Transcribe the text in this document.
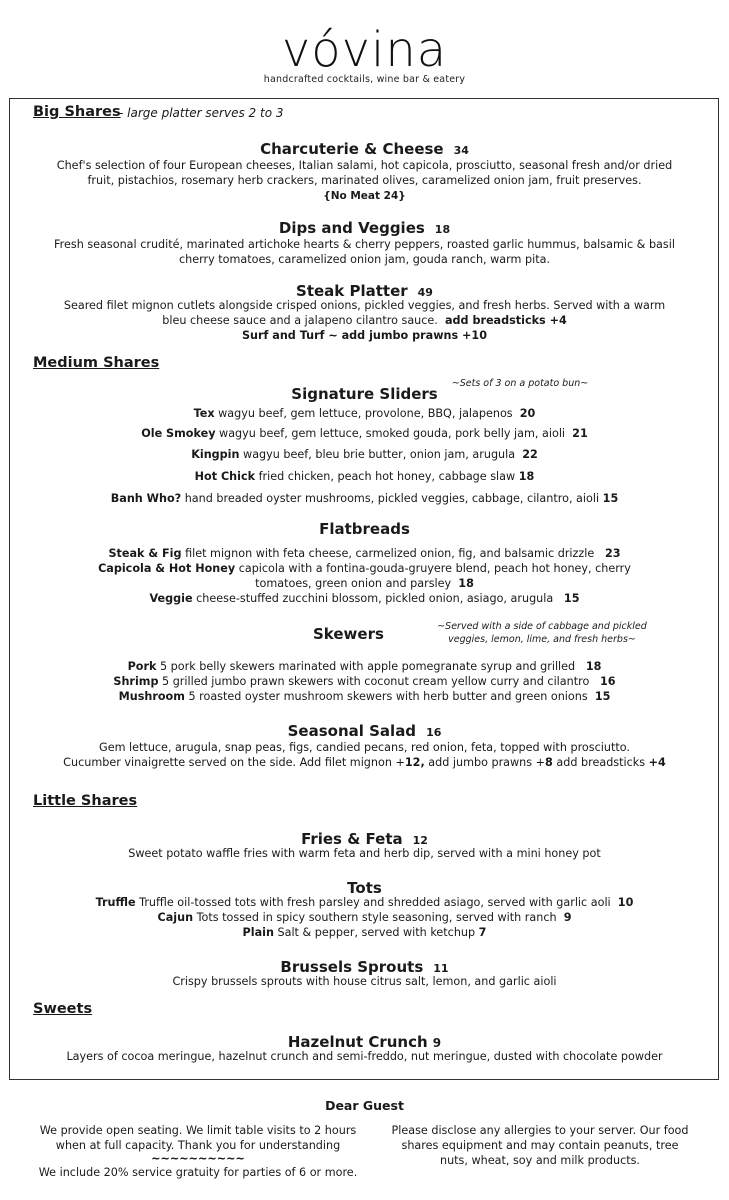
vóvina
handcrafted cocktails, wine bar & eatery
Big Shares
- large platter serves 2 to 3
Charcuterie & Cheese 34
Chef's selection of four European cheeses, Italian salami, hot capicola, prosciutto, seasonal fresh and/or dried
fruit, pistachios, rosemary herb crackers, marinated olives, caramelized onion jam, fruit preserves.
{No Meat 24}
Dips and Veggies 18
Fresh seasonal crudité, marinated artichoke hearts & cherry peppers, roasted garlic hummus, balsamic & basil
cherry tomatoes, caramelized onion jam, gouda ranch, warm pita.
Steak Platter 49
Seared filet mignon cutlets alongside crisped onions, pickled veggies, and fresh herbs. Served with a warm
bleu cheese sauce and a jalapeno cilantro sauce. add breadsticks +4
Surf and Turf ~ add jumbo prawns +10
Medium Shares
Signature Sliders
~Sets of 3 on a potato bun~
Tex wagyu beef, gem lettuce, provolone, BBQ, jalapenos 20
Ole Smokey wagyu beef, gem lettuce, smoked gouda, pork belly jam, aioli 21
Kingpin wagyu beef, bleu brie butter, onion jam, arugula 22
Hot Chick fried chicken, peach hot honey, cabbage slaw 18
Banh Who? hand breaded oyster mushrooms, pickled veggies, cabbage, cilantro, aioli 15
Flatbreads
Steak & Fig filet mignon with feta cheese, carmelized onion, fig, and balsamic drizzle 23
Capicola & Hot Honey capicola with a fontina-gouda-gruyere blend, peach hot honey, cherry
tomatoes, green onion and parsley 18
Veggie cheese-stuffed zucchini blossom, pickled onion, asiago, arugula 15
Skewers	~Served with a side of cabbage and pickled
veggies, lemon, lime, and fresh herbs~
Pork 5 pork belly skewers marinated with apple pomegranate syrup and grilled 18
Shrimp 5 grilled jumbo prawn skewers with coconut cream yellow curry and cilantro 16
Mushroom 5 roasted oyster mushroom skewers with herb butter and green onions 15
Seasonal Salad 16
Gem lettuce, arugula, snap peas, figs, candied pecans, red onion, feta, topped with prosciutto.
Cucumber vinaigrette served on the side. Add filet mignon +12, add jumbo prawns +8 add breadsticks +4
Little Shares
Fries & Feta 12
Sweet potato waffle fries with warm feta and herb dip, served with a mini honey pot
Tots
Truffle Truffle oil-tossed tots with fresh parsley and shredded asiago, served with garlic aoli 10
Cajun Tots tossed in spicy southern style seasoning, served with ranch 9
Plain Salt & pepper, served with ketchup 7
Brussels Sprouts 11
Crispy brussels sprouts with house citrus salt, lemon, and garlic aioli
Sweets
Hazelnut Crunch 9
Layers of cocoa meringue, hazelnut crunch and semi-freddo, nut meringue, dusted with chocolate powder
Dear Guest
We provide open seating. We limit table visits to 2 hours
when at full capacity. Thank you for understanding
~~~~~~~~~~
We include 20% service gratuity for parties of 6 or more.
Please disclose any allergies to your server. Our food
shares equipment and may contain peanuts, tree
nuts, wheat, soy and milk products.
